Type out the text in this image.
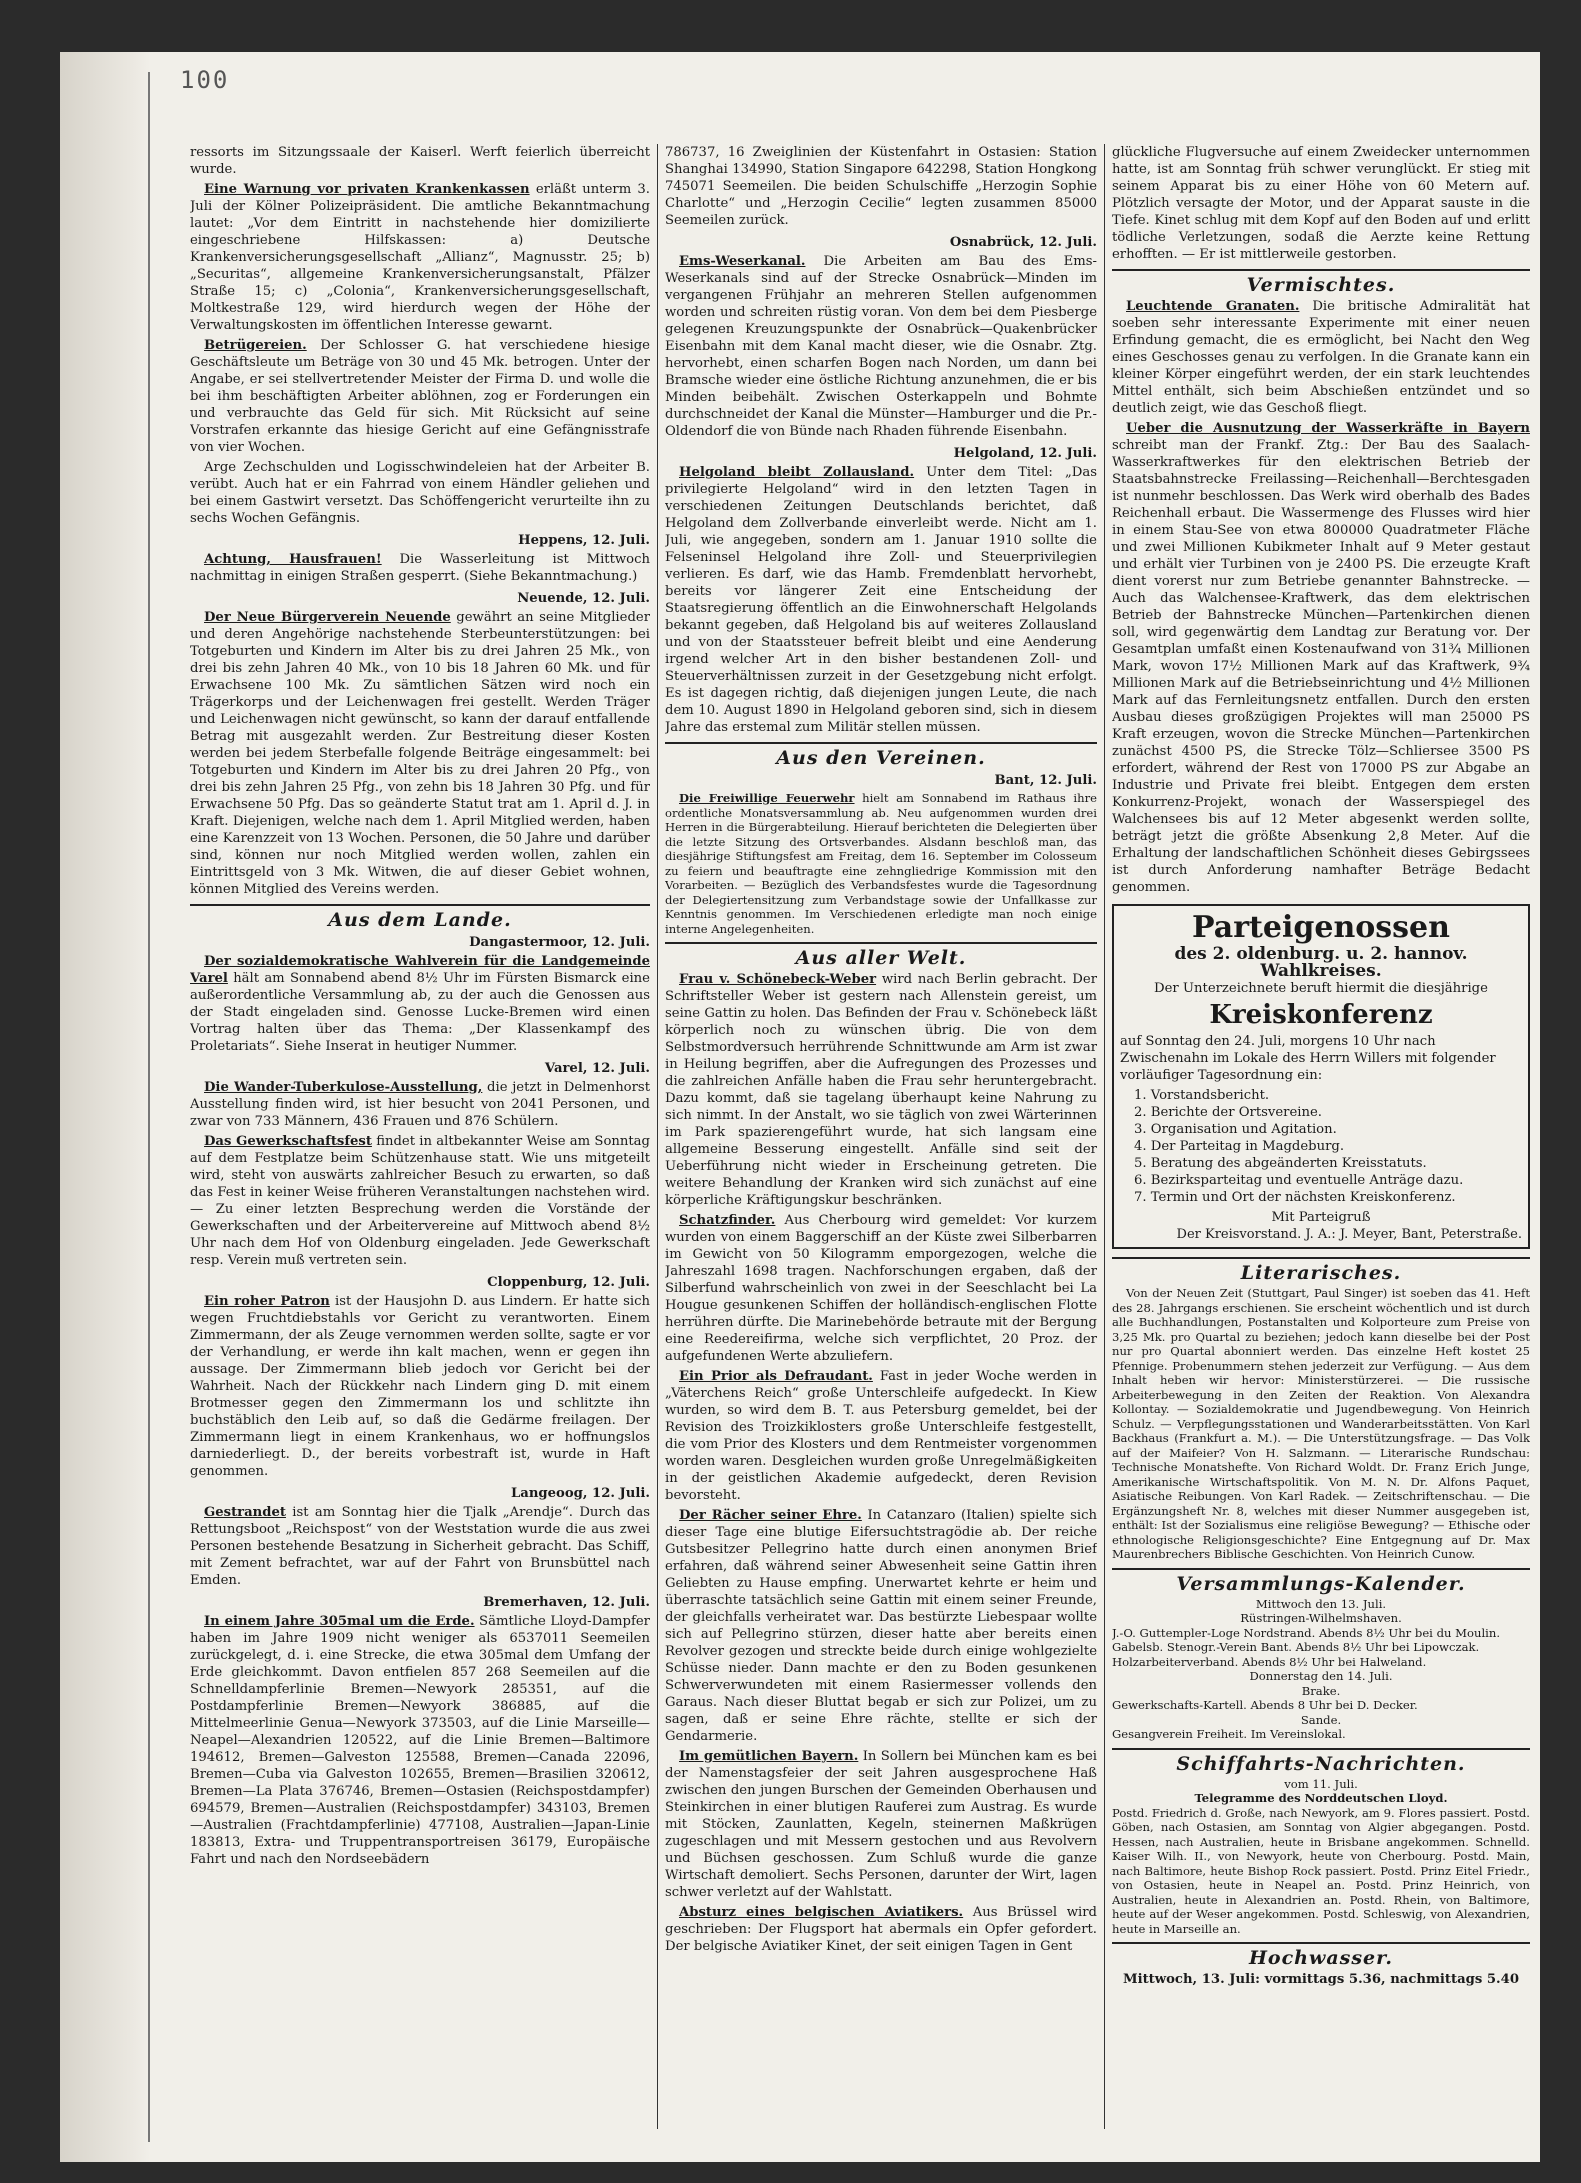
100

ressorts im Sitzungssaale der Kaiserl. Werft feierlich überreicht wurde.

Eine Warnung vor privaten Krankenkassen erläßt unterm 3. Juli der Kölner Polizeipräsident. Die amtliche Bekanntmachung lautet: „Vor dem Eintritt in nachstehende hier domizilierte eingeschriebene Hilfskassen: a) Deutsche Krankenversicherungsgesellschaft „Allianz“, Magnusstr. 25; b) „Securitas“, allgemeine Krankenversicherungsanstalt, Pfälzer Straße 15; c) „Colonia“, Krankenversicherungsgesellschaft, Moltkestraße 129, wird hierdurch wegen der Höhe der Verwaltungskosten im öffentlichen Interesse gewarnt.

Betrügereien. Der Schlosser G. hat verschiedene hiesige Geschäftsleute um Beträge von 30 und 45 Mk. betrogen. Unter der Angabe, er sei stellvertretender Meister der Firma D. und wolle die bei ihm beschäftigten Arbeiter ablöhnen, zog er Forderungen ein und verbrauchte das Geld für sich. Mit Rücksicht auf seine Vorstrafen erkannte das hiesige Gericht auf eine Gefängnisstrafe von vier Wochen.

Arge Zechschulden und Logisschwindeleien hat der Arbeiter B. verübt. Auch hat er ein Fahrrad von einem Händler geliehen und bei einem Gastwirt versetzt. Das Schöffengericht verurteilte ihn zu sechs Wochen Gefängnis.

Heppens, 12. Juli.

Achtung, Hausfrauen! Die Wasserleitung ist Mittwoch nachmittag in einigen Straßen gesperrt. (Siehe Bekanntmachung.)

Neuende, 12. Juli.

Der Neue Bürgerverein Neuende gewährt an seine Mitglieder und deren Angehörige nachstehende Sterbeunterstützungen: bei Totgeburten und Kindern im Alter bis zu drei Jahren 25 Mk., von drei bis zehn Jahren 40 Mk., von 10 bis 18 Jahren 60 Mk. und für Erwachsene 100 Mk. Zu sämtlichen Sätzen wird noch ein Trägerkorps und der Leichenwagen frei gestellt. Werden Träger und Leichenwagen nicht gewünscht, so kann der darauf entfallende Betrag mit ausgezahlt werden. Zur Bestreitung dieser Kosten werden bei jedem Sterbefalle folgende Beiträge eingesammelt: bei Totgeburten und Kindern im Alter bis zu drei Jahren 20 Pfg., von drei bis zehn Jahren 25 Pfg., von zehn bis 18 Jahren 30 Pfg. und für Erwachsene 50 Pfg. Das so geänderte Statut trat am 1. April d. J. in Kraft. Diejenigen, welche nach dem 1. April Mitglied werden, haben eine Karenzzeit von 13 Wochen. Personen, die 50 Jahre und darüber sind, können nur noch Mitglied werden wollen, zahlen ein Eintrittsgeld von 3 Mk. Witwen, die auf dieser Gebiet wohnen, können Mitglied des Vereins werden.

Aus dem Lande.
Dangastermoor, 12. Juli.

Der sozialdemokratische Wahlverein für die Landgemeinde Varel hält am Sonnabend abend 8½ Uhr im Fürsten Bismarck eine außerordentliche Versammlung ab, zu der auch die Genossen aus der Stadt eingeladen sind. Genosse Lucke-Bremen wird einen Vortrag halten über das Thema: „Der Klassenkampf des Proletariats“. Siehe Inserat in heutiger Nummer.

Varel, 12. Juli.

Die Wander-Tuberkulose-Ausstellung, die jetzt in Delmenhorst Ausstellung finden wird, ist hier besucht von 2041 Personen, und zwar von 733 Männern, 436 Frauen und 876 Schülern.

Das Gewerkschaftsfest findet in altbekannter Weise am Sonntag auf dem Festplatze beim Schützenhause statt. Wie uns mitgeteilt wird, steht von auswärts zahlreicher Besuch zu erwarten, so daß das Fest in keiner Weise früheren Veranstaltungen nachstehen wird. — Zu einer letzten Besprechung werden die Vorstände der Gewerkschaften und der Arbeitervereine auf Mittwoch abend 8½ Uhr nach dem Hof von Oldenburg eingeladen. Jede Gewerkschaft resp. Verein muß vertreten sein.

Cloppenburg, 12. Juli.

Ein roher Patron ist der Hausjohn D. aus Lindern. Er hatte sich wegen Fruchtdiebstahls vor Gericht zu verantworten. Einem Zimmermann, der als Zeuge vernommen werden sollte, sagte er vor der Verhandlung, er werde ihn kalt machen, wenn er gegen ihn aussage. Der Zimmermann blieb jedoch vor Gericht bei der Wahrheit. Nach der Rückkehr nach Lindern ging D. mit einem Brotmesser gegen den Zimmermann los und schlitzte ihn buchstäblich den Leib auf, so daß die Gedärme freilagen. Der Zimmermann liegt in einem Krankenhaus, wo er hoffnungslos darniederliegt. D., der bereits vorbestraft ist, wurde in Haft genommen.

Langeoog, 12. Juli.

Gestrandet ist am Sonntag hier die Tjalk „Arendje“. Durch das Rettungsboot „Reichspost“ von der Weststation wurde die aus zwei Personen bestehende Besatzung in Sicherheit gebracht. Das Schiff, mit Zement befrachtet, war auf der Fahrt von Brunsbüttel nach Emden.

Bremerhaven, 12. Juli.

In einem Jahre 305mal um die Erde. Sämtliche Lloyd-Dampfer haben im Jahre 1909 nicht weniger als 6537011 Seemeilen zurückgelegt, d. i. eine Strecke, die etwa 305mal dem Umfang der Erde gleichkommt. Davon entfielen 857 268 Seemeilen auf die Schnelldampferlinie Bremen—Newyork 285351, auf die Postdampferlinie Bremen—Newyork 386885, auf die Mittelmeerlinie Genua—Newyork 373503, auf die Linie Marseille—Neapel—Alexandrien 120522, auf die Linie Bremen—Baltimore 194612, Bremen—Galveston 125588, Bremen—Canada 22096, Bremen—Cuba via Galveston 102655, Bremen—Brasilien 320612, Bremen—La Plata 376746, Bremen—Ostasien (Reichspostdampfer) 694579, Bremen—Australien (Reichspostdampfer) 343103, Bremen—Australien (Frachtdampferlinie) 477108, Australien—Japan-Linie 183813, Extra- und Truppentransportreisen 36179, Europäische Fahrt und nach den Nordseebädern

786737, 16 Zweiglinien der Küstenfahrt in Ostasien: Station Shanghai 134990, Station Singapore 642298, Station Hongkong 745071 Seemeilen. Die beiden Schulschiffe „Herzogin Sophie Charlotte“ und „Herzogin Cecilie“ legten zusammen 85000 Seemeilen zurück.

Osnabrück, 12. Juli.

Ems-Weserkanal. Die Arbeiten am Bau des Ems-Weserkanals sind auf der Strecke Osnabrück—Minden im vergangenen Frühjahr an mehreren Stellen aufgenommen worden und schreiten rüstig voran. Von dem bei dem Piesberge gelegenen Kreuzungspunkte der Osnabrück—Quakenbrücker Eisenbahn mit dem Kanal macht dieser, wie die Osnabr. Ztg. hervorhebt, einen scharfen Bogen nach Norden, um dann bei Bramsche wieder eine östliche Richtung anzunehmen, die er bis Minden beibehält. Zwischen Osterkappeln und Bohmte durchschneidet der Kanal die Münster—Hamburger und die Pr.-Oldendorf die von Bünde nach Rhaden führende Eisenbahn.

Helgoland, 12. Juli.

Helgoland bleibt Zollausland. Unter dem Titel: „Das privilegierte Helgoland“ wird in den letzten Tagen in verschiedenen Zeitungen Deutschlands berichtet, daß Helgoland dem Zollverbande einverleibt werde. Nicht am 1. Juli, wie angegeben, sondern am 1. Januar 1910 sollte die Felseninsel Helgoland ihre Zoll- und Steuerprivilegien verlieren. Es darf, wie das Hamb. Fremdenblatt hervorhebt, bereits vor längerer Zeit eine Entscheidung der Staatsregierung öffentlich an die Einwohnerschaft Helgolands bekannt gegeben, daß Helgoland bis auf weiteres Zollausland und von der Staatssteuer befreit bleibt und eine Aenderung irgend welcher Art in den bisher bestandenen Zoll- und Steuerverhältnissen zurzeit in der Gesetzgebung nicht erfolgt. Es ist dagegen richtig, daß diejenigen jungen Leute, die nach dem 10. August 1890 in Helgoland geboren sind, sich in diesem Jahre das erstemal zum Militär stellen müssen.

Aus den Vereinen.
Bant, 12. Juli.

Die Freiwillige Feuerwehr hielt am Sonnabend im Rathaus ihre ordentliche Monatsversammlung ab. Neu aufgenommen wurden drei Herren in die Bürgerabteilung. Hierauf berichteten die Delegierten über die letzte Sitzung des Ortsverbandes. Alsdann beschloß man, das diesjährige Stiftungsfest am Freitag, dem 16. September im Colosseum zu feiern und beauftragte eine zehngliedrige Kommission mit den Vorarbeiten. — Bezüglich des Verbandsfestes wurde die Tagesordnung der Delegiertensitzung zum Verbandstage sowie der Unfallkasse zur Kenntnis genommen. Im Verschiedenen erledigte man noch einige interne Angelegenheiten.

Aus aller Welt.

Frau v. Schönebeck-Weber wird nach Berlin gebracht. Der Schriftsteller Weber ist gestern nach Allenstein gereist, um seine Gattin zu holen. Das Befinden der Frau v. Schönebeck läßt körperlich noch zu wünschen übrig. Die von dem Selbstmordversuch herrührende Schnittwunde am Arm ist zwar in Heilung begriffen, aber die Aufregungen des Prozesses und die zahlreichen Anfälle haben die Frau sehr heruntergebracht. Dazu kommt, daß sie tagelang überhaupt keine Nahrung zu sich nimmt. In der Anstalt, wo sie täglich von zwei Wärterinnen im Park spazierengeführt wurde, hat sich langsam eine allgemeine Besserung eingestellt. Anfälle sind seit der Ueberführung nicht wieder in Erscheinung getreten. Die weitere Behandlung der Kranken wird sich zunächst auf eine körperliche Kräftigungskur beschränken.

Schatzfinder. Aus Cherbourg wird gemeldet: Vor kurzem wurden von einem Baggerschiff an der Küste zwei Silberbarren im Gewicht von 50 Kilogramm emporgezogen, welche die Jahreszahl 1698 tragen. Nachforschungen ergaben, daß der Silberfund wahrscheinlich von zwei in der Seeschlacht bei La Hougue gesunkenen Schiffen der holländisch-englischen Flotte herrühren dürfte. Die Marinebehörde betraute mit der Bergung eine Reedereifirma, welche sich verpflichtet, 20 Proz. der aufgefundenen Werte abzuliefern.

Ein Prior als Defraudant. Fast in jeder Woche werden in „Väterchens Reich“ große Unterschleife aufgedeckt. In Kiew wurden, so wird dem B. T. aus Petersburg gemeldet, bei der Revision des Troizkiklosters große Unterschleife festgestellt, die vom Prior des Klosters und dem Rentmeister vorgenommen worden waren. Desgleichen wurden große Unregelmäßigkeiten in der geistlichen Akademie aufgedeckt, deren Revision bevorsteht.

Der Rächer seiner Ehre. In Catanzaro (Italien) spielte sich dieser Tage eine blutige Eifersuchtstragödie ab. Der reiche Gutsbesitzer Pellegrino hatte durch einen anonymen Brief erfahren, daß während seiner Abwesenheit seine Gattin ihren Geliebten zu Hause empfing. Unerwartet kehrte er heim und überraschte tatsächlich seine Gattin mit einem seiner Freunde, der gleichfalls verheiratet war. Das bestürzte Liebespaar wollte sich auf Pellegrino stürzen, dieser hatte aber bereits einen Revolver gezogen und streckte beide durch einige wohlgezielte Schüsse nieder. Dann machte er den zu Boden gesunkenen Schwerverwundeten mit einem Rasiermesser vollends den Garaus. Nach dieser Bluttat begab er sich zur Polizei, um zu sagen, daß er seine Ehre rächte, stellte er sich der Gendarmerie.

Im gemütlichen Bayern. In Sollern bei München kam es bei der Namenstagsfeier der seit Jahren ausgesprochene Haß zwischen den jungen Burschen der Gemeinden Oberhausen und Steinkirchen in einer blutigen Rauferei zum Austrag. Es wurde mit Stöcken, Zaunlatten, Kegeln, steinernen Maßkrügen zugeschlagen und mit Messern gestochen und aus Revolvern und Büchsen geschossen. Zum Schluß wurde die ganze Wirtschaft demoliert. Sechs Personen, darunter der Wirt, lagen schwer verletzt auf der Wahlstatt.

Absturz eines belgischen Aviatikers. Aus Brüssel wird geschrieben: Der Flugsport hat abermals ein Opfer gefordert. Der belgische Aviatiker Kinet, der seit einigen Tagen in Gent

glückliche Flugversuche auf einem Zweidecker unternommen hatte, ist am Sonntag früh schwer verunglückt. Er stieg mit seinem Apparat bis zu einer Höhe von 60 Metern auf. Plötzlich versagte der Motor, und der Apparat sauste in die Tiefe. Kinet schlug mit dem Kopf auf den Boden auf und erlitt tödliche Verletzungen, sodaß die Aerzte keine Rettung erhofften. — Er ist mittlerweile gestorben.

Vermischtes.

Leuchtende Granaten. Die britische Admiralität hat soeben sehr interessante Experimente mit einer neuen Erfindung gemacht, die es ermöglicht, bei Nacht den Weg eines Geschosses genau zu verfolgen. In die Granate kann ein kleiner Körper eingeführt werden, der ein stark leuchtendes Mittel enthält, sich beim Abschießen entzündet und so deutlich zeigt, wie das Geschoß fliegt.

Ueber die Ausnutzung der Wasserkräfte in Bayern schreibt man der Frankf. Ztg.: Der Bau des Saalach-Wasserkraftwerkes für den elektrischen Betrieb der Staatsbahnstrecke Freilassing—Reichenhall—Berchtesgaden ist nunmehr beschlossen. Das Werk wird oberhalb des Bades Reichenhall erbaut. Die Wassermenge des Flusses wird hier in einem Stau-See von etwa 800000 Quadratmeter Fläche und zwei Millionen Kubikmeter Inhalt auf 9 Meter gestaut und erhält vier Turbinen von je 2400 PS. Die erzeugte Kraft dient vorerst nur zum Betriebe genannter Bahnstrecke. — Auch das Walchensee-Kraftwerk, das dem elektrischen Betrieb der Bahnstrecke München—Partenkirchen dienen soll, wird gegenwärtig dem Landtag zur Beratung vor. Der Gesamtplan umfaßt einen Kostenaufwand von 31¾ Millionen Mark, wovon 17½ Millionen Mark auf das Kraftwerk, 9¾ Millionen Mark auf die Betriebseinrichtung und 4½ Millionen Mark auf das Fernleitungsnetz entfallen. Durch den ersten Ausbau dieses großzügigen Projektes will man 25000 PS Kraft erzeugen, wovon die Strecke München—Partenkirchen zunächst 4500 PS, die Strecke Tölz—Schliersee 3500 PS erfordert, während der Rest von 17000 PS zur Abgabe an Industrie und Private frei bleibt. Entgegen dem ersten Konkurrenz-Projekt, wonach der Wasserspiegel des Walchensees bis auf 12 Meter abgesenkt werden sollte, beträgt jetzt die größte Absenkung 2,8 Meter. Auf die Erhaltung der landschaftlichen Schönheit dieses Gebirgssees ist durch Anforderung namhafter Beträge Bedacht genommen.

Parteigenossen
des 2. oldenburg. u. 2. hannov. Wahlkreises.
Der Unterzeichnete beruft hiermit die diesjährige
Kreiskonferenz
auf Sonntag den 24. Juli, morgens 10 Uhr nach Zwischenahn im Lokale des Herrn Willers mit folgender vorläufiger Tagesordnung ein:
1. Vorstandsbericht.
2. Berichte der Ortsvereine.
3. Organisation und Agitation.
4. Der Parteitag in Magdeburg.
5. Beratung des abgeänderten Kreisstatuts.
6. Bezirksparteitag und eventuelle Anträge dazu.
7. Termin und Ort der nächsten Kreiskonferenz.
Mit Parteigruß
Der Kreisvorstand. J. A.: J. Meyer, Bant, Peterstraße.
Literarisches.

Von der Neuen Zeit (Stuttgart, Paul Singer) ist soeben das 41. Heft des 28. Jahrgangs erschienen. Sie erscheint wöchentlich und ist durch alle Buchhandlungen, Postanstalten und Kolporteure zum Preise von 3,25 Mk. pro Quartal zu beziehen; jedoch kann dieselbe bei der Post nur pro Quartal abonniert werden. Das einzelne Heft kostet 25 Pfennige. Probenummern stehen jederzeit zur Verfügung. — Aus dem Inhalt heben wir hervor: Ministerstürzerei. — Die russische Arbeiterbewegung in den Zeiten der Reaktion. Von Alexandra Kollontay. — Sozialdemokratie und Jugendbewegung. Von Heinrich Schulz. — Verpflegungsstationen und Wanderarbeitsstätten. Von Karl Backhaus (Frankfurt a. M.). — Die Unterstützungsfrage. — Das Volk auf der Maifeier? Von H. Salzmann. — Literarische Rundschau: Technische Monatshefte. Von Richard Woldt. Dr. Franz Erich Junge, Amerikanische Wirtschaftspolitik. Von M. N. Dr. Alfons Paquet, Asiatische Reibungen. Von Karl Radek. — Zeitschriftenschau. — Die Ergänzungsheft Nr. 8, welches mit dieser Nummer ausgegeben ist, enthält: Ist der Sozialismus eine religiöse Bewegung? — Ethische oder ethnologische Religionsgeschichte? Eine Entgegnung auf Dr. Max Maurenbrechers Biblische Geschichten. Von Heinrich Cunow.

Versammlungs-Kalender.
Mittwoch den 13. Juli.
Rüstringen-Wilhelmshaven.
J.-O. Guttempler-Loge Nordstrand. Abends 8½ Uhr bei du Moulin.
Gabelsb. Stenogr.-Verein Bant. Abends 8½ Uhr bei Lipowczak.
Holzarbeiterverband. Abends 8½ Uhr bei Halweland.
Donnerstag den 14. Juli.
Brake.
Gewerkschafts-Kartell. Abends 8 Uhr bei D. Decker.
Sande.
Gesangverein Freiheit. Im Vereinslokal.
Schiffahrts-Nachrichten.
vom 11. Juli.
Telegramme des Norddeutschen Lloyd.

Postd. Friedrich d. Große, nach Newyork, am 9. Flores passiert. Postd. Göben, nach Ostasien, am Sonntag von Algier abgegangen. Postd. Hessen, nach Australien, heute in Brisbane angekommen. Schnelld. Kaiser Wilh. II., von Newyork, heute von Cherbourg. Postd. Main, nach Baltimore, heute Bishop Rock passiert. Postd. Prinz Eitel Friedr., von Ostasien, heute in Neapel an. Postd. Prinz Heinrich, von Australien, heute in Alexandrien an. Postd. Rhein, von Baltimore, heute auf der Weser angekommen. Postd. Schleswig, von Alexandrien, heute in Marseille an.

Hochwasser.
Mittwoch, 13. Juli: vormittags 5.36, nachmittags 5.40
